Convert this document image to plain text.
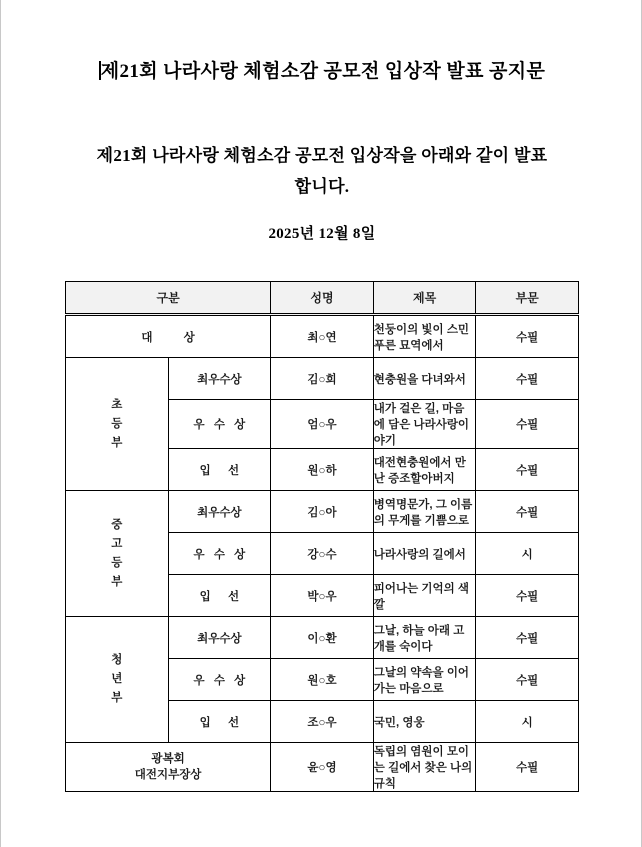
제21회 나라사랑 체험소감 공모전 입상작 발표 공지문
제21회 나라사랑 체험소감 공모전 입상작을 아래와 같이 발표합니다.
2025년 12월 8일
구분		성명	제목	부문
대 상		최○연	천둥이의 빛이 스민 푸른 묘역에서	수필

초
등
부	최우수상	김○희	현충원을 다녀와서	수필
	우 수 상	엄○우	내가 걸은 길, 마음에 담은 나라사랑이야기	수필
	입 선	원○하	대전현충원에서 만난 증조할아버지	수필

중
고
등
부	최우수상	김○아	병역명문가, 그 이름의 무게를 기쁨으로	수필
	우 수 상	강○수	나라사랑의 길에서	시
	입 선	박○우	피어나는 기억의 색깔	수필

청
년
부	최우수상	이○환	그날, 하늘 아래 고개를 숙이다	수필
	우 수 상	원○호	그날의 약속을 이어가는 마음으로	수필
	입 선	조○우	국민, 영웅	시

광복회
대전지부장상		윤○영	독립의 염원이 모이는 길에서 찾은 나의 규칙	수필
